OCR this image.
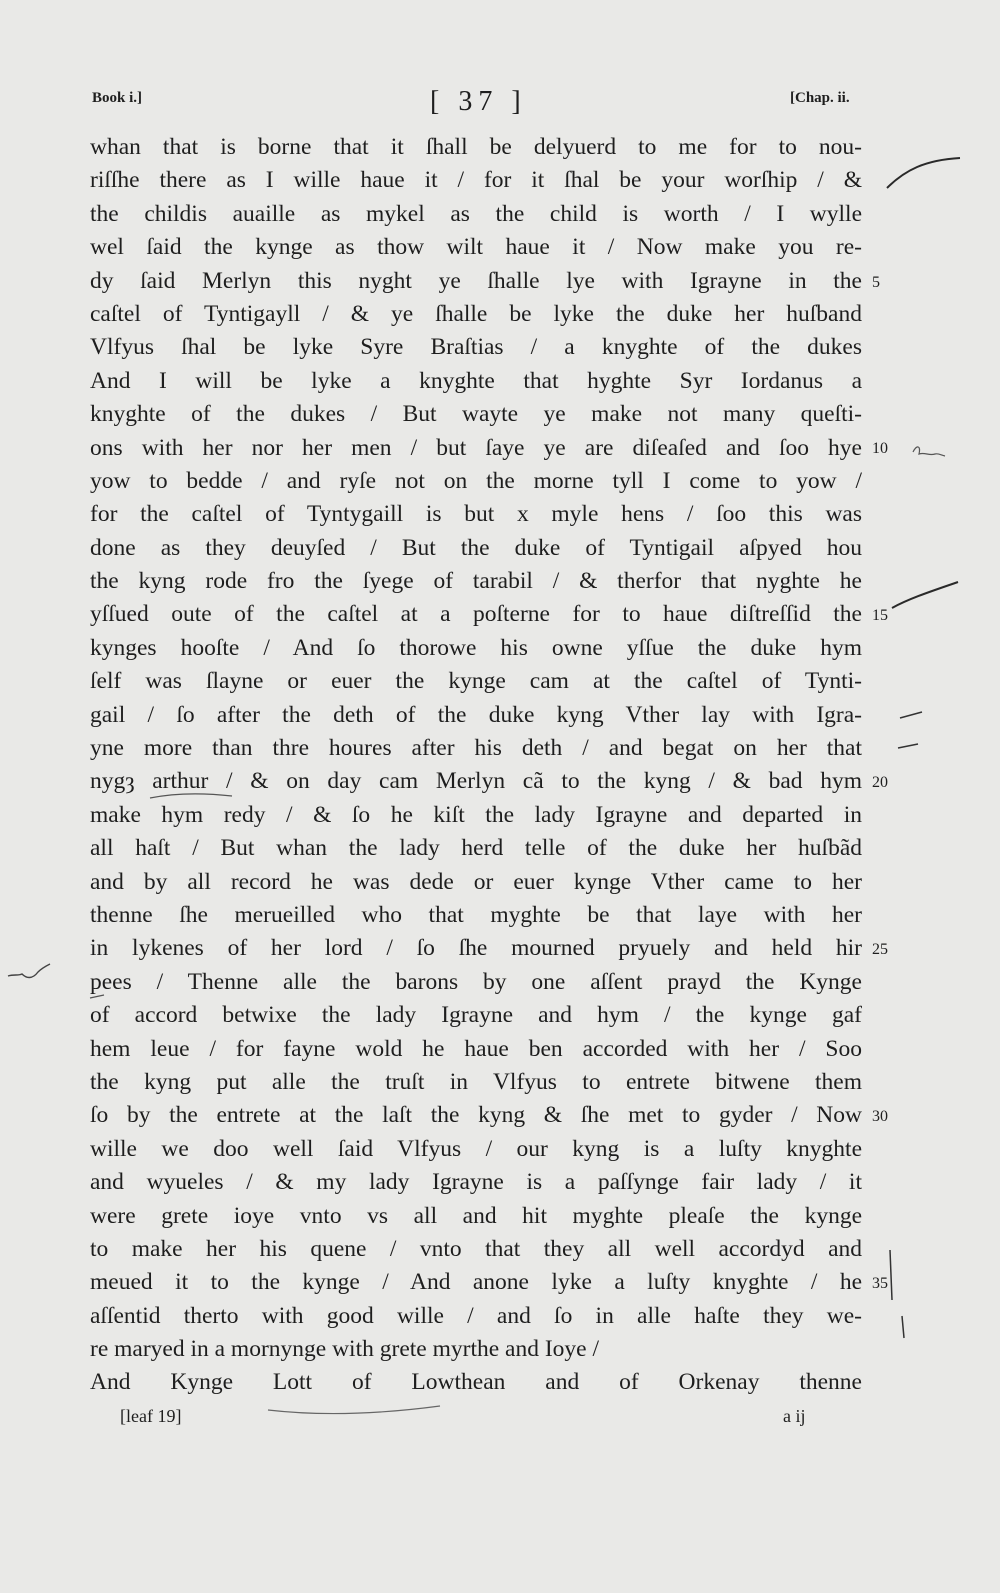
Book i.]	[ 37 ]	[Chap. ii.
whan that is borne that it ſhall be delyuerd to me for to nou-
riſſhe there as I wille haue it / for it ſhal be your worſhip / &
the childis auaille as mykel as the child is worth / I wylle
wel ſaid the kynge as thow wilt haue it / Now make you re-
dy ſaid Merlyn this nyght ye ſhalle lye with Igrayne in the
caſtel of Tyntigayll / & ye ſhalle be lyke the duke her huſband
Vlfyus ſhal be lyke Syre Braſtias / a knyghte of the dukes
And I will be lyke a knyghte that hyghte Syr Iordanus a
knyghte of the dukes / But wayte ye make not many queſti-
ons with her nor her men / but ſaye ye are diſeaſed and ſoo hye
yow to bedde / and ryſe not on the morne tyll I come to yow /
for the caſtel of Tyntygaill is but x myle hens / ſoo this was
done as they deuyſed / But the duke of Tyntigail aſpyed hou
the kyng rode fro the ſyege of tarabil / & therfor that nyghte he
yſſued oute of the caſtel at a poſterne for to haue diſtreſſid the
kynges hooſte / And ſo thorowe his owne yſſue the duke hym
ſelf was ſlayne or euer the kynge cam at the caſtel of Tynti-
gail / ſo after the deth of the duke kyng Vther lay with Igra-
yne more than thre houres after his deth / and begat on her that
nygȝ arthur / & on day cam Merlyn cã to the kyng / & bad hym
make hym redy / & ſo he kiſt the lady Igrayne and departed in
all haſt / But whan the lady herd telle of the duke her huſbãd
and by all record he was dede or euer kynge Vther came to her
thenne ſhe merueilled who that myghte be that laye with her
in lykenes of her lord / ſo ſhe mourned pryuely and held hir
pees / Thenne alle the barons by one aſſent prayd the Kynge
of accord betwixe the lady Igrayne and hym / the kynge gaf
hem leue / for fayne wold he haue ben accorded with her / Soo
the kyng put alle the truſt in Vlfyus to entrete bitwene them
ſo by the entrete at the laſt the kyng & ſhe met to gyder / Now
wille we doo well ſaid Vlfyus / our kyng is a luſty knyghte
and wyueles / & my lady Igrayne is a paſſynge fair lady / it
were grete ioye vnto vs all and hit myghte pleaſe the kynge
to make her his quene / vnto that they all well accordyd and
meued it to the kynge / And anone lyke a luſty knyghte / he
aſſentid therto with good wille / and ſo in alle haſte they we-
re maryed in a mornynge with grete myrthe and Ioye /
And Kynge Lott of Lowthean and of Orkenay thenne
5
10
15
20
25
30
35
[leaf 19]	a ij
